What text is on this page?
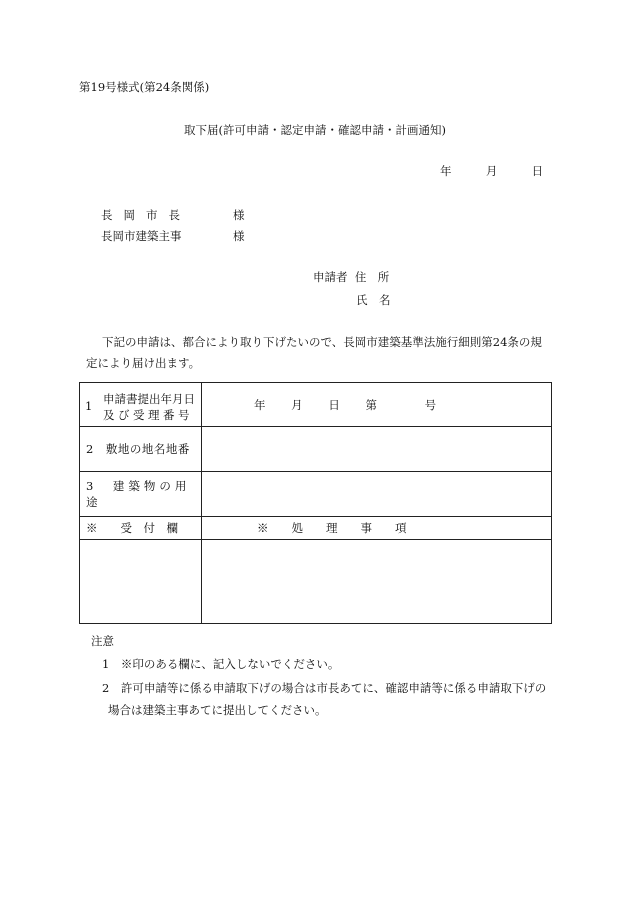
第19号様式(第24条関係)
取下届(許可申請・認定申請・確認申請・計画通知)
年	月	日
長岡市長	様
長岡市建築主事	様
申請者 住　所
氏　名
下記の申請は、都合により取り下げたいので、長岡市建築基準法施行細則第24条の規
定により届け出ます。
1 申請書提出年月日
及び受理番号	年 月 日 第 号
2　敷地の地名地番	
3　建築物の用途	
※　　受　付　欄	※　　処　　理　　事　　項

注意
1　※印のある欄に、記入しないでください。
2　許可申請等に係る申請取下げの場合は市長あてに、確認申請等に係る申請取下げの
場合は建築主事あてに提出してください。
